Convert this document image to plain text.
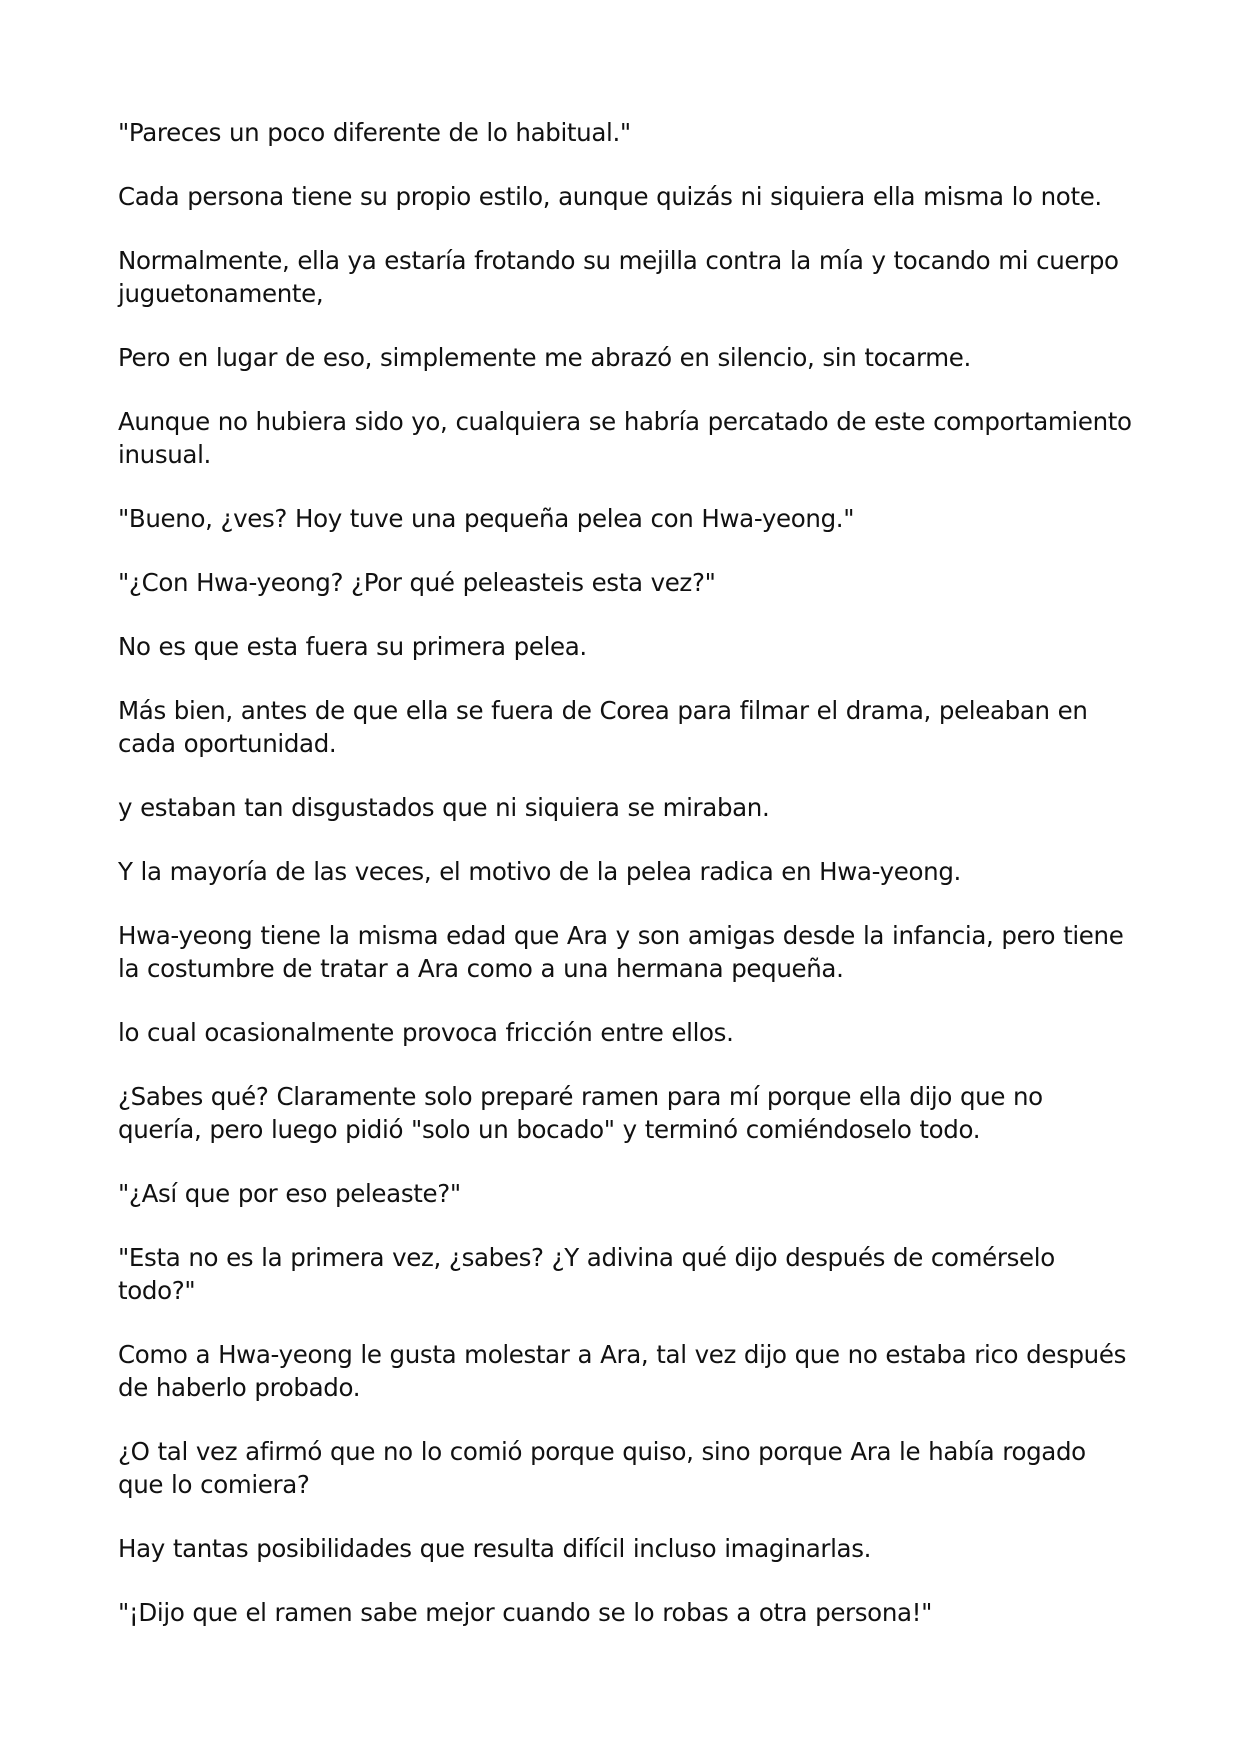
"Pareces un poco diferente de lo habitual."

Cada persona tiene su propio estilo, aunque quizás ni siquiera ella misma lo note.

Normalmente, ella ya estaría frotando su mejilla contra la mía y tocando mi cuerpo juguetonamente,

Pero en lugar de eso, simplemente me abrazó en silencio, sin tocarme.

Aunque no hubiera sido yo, cualquiera se habría percatado de este comportamiento inusual.

"Bueno, ¿ves? Hoy tuve una pequeña pelea con Hwa-yeong."

"¿Con Hwa-yeong? ¿Por qué peleasteis esta vez?"

No es que esta fuera su primera pelea.

Más bien, antes de que ella se fuera de Corea para filmar el drama, peleaban en cada oportunidad.

y estaban tan disgustados que ni siquiera se miraban.

Y la mayoría de las veces, el motivo de la pelea radica en Hwa-yeong.

Hwa-yeong tiene la misma edad que Ara y son amigas desde la infancia, pero tiene la costumbre de tratar a Ara como a una hermana pequeña.

lo cual ocasionalmente provoca fricción entre ellos.

¿Sabes qué? Claramente solo preparé ramen para mí porque ella dijo que no quería, pero luego pidió "solo un bocado" y terminó comiéndoselo todo.

"¿Así que por eso peleaste?"

"Esta no es la primera vez, ¿sabes? ¿Y adivina qué dijo después de comérselo todo?"

Como a Hwa-yeong le gusta molestar a Ara, tal vez dijo que no estaba rico después de haberlo probado.

¿O tal vez afirmó que no lo comió porque quiso, sino porque Ara le había rogado que lo comiera?

Hay tantas posibilidades que resulta difícil incluso imaginarlas.

"¡Dijo que el ramen sabe mejor cuando se lo robas a otra persona!"
